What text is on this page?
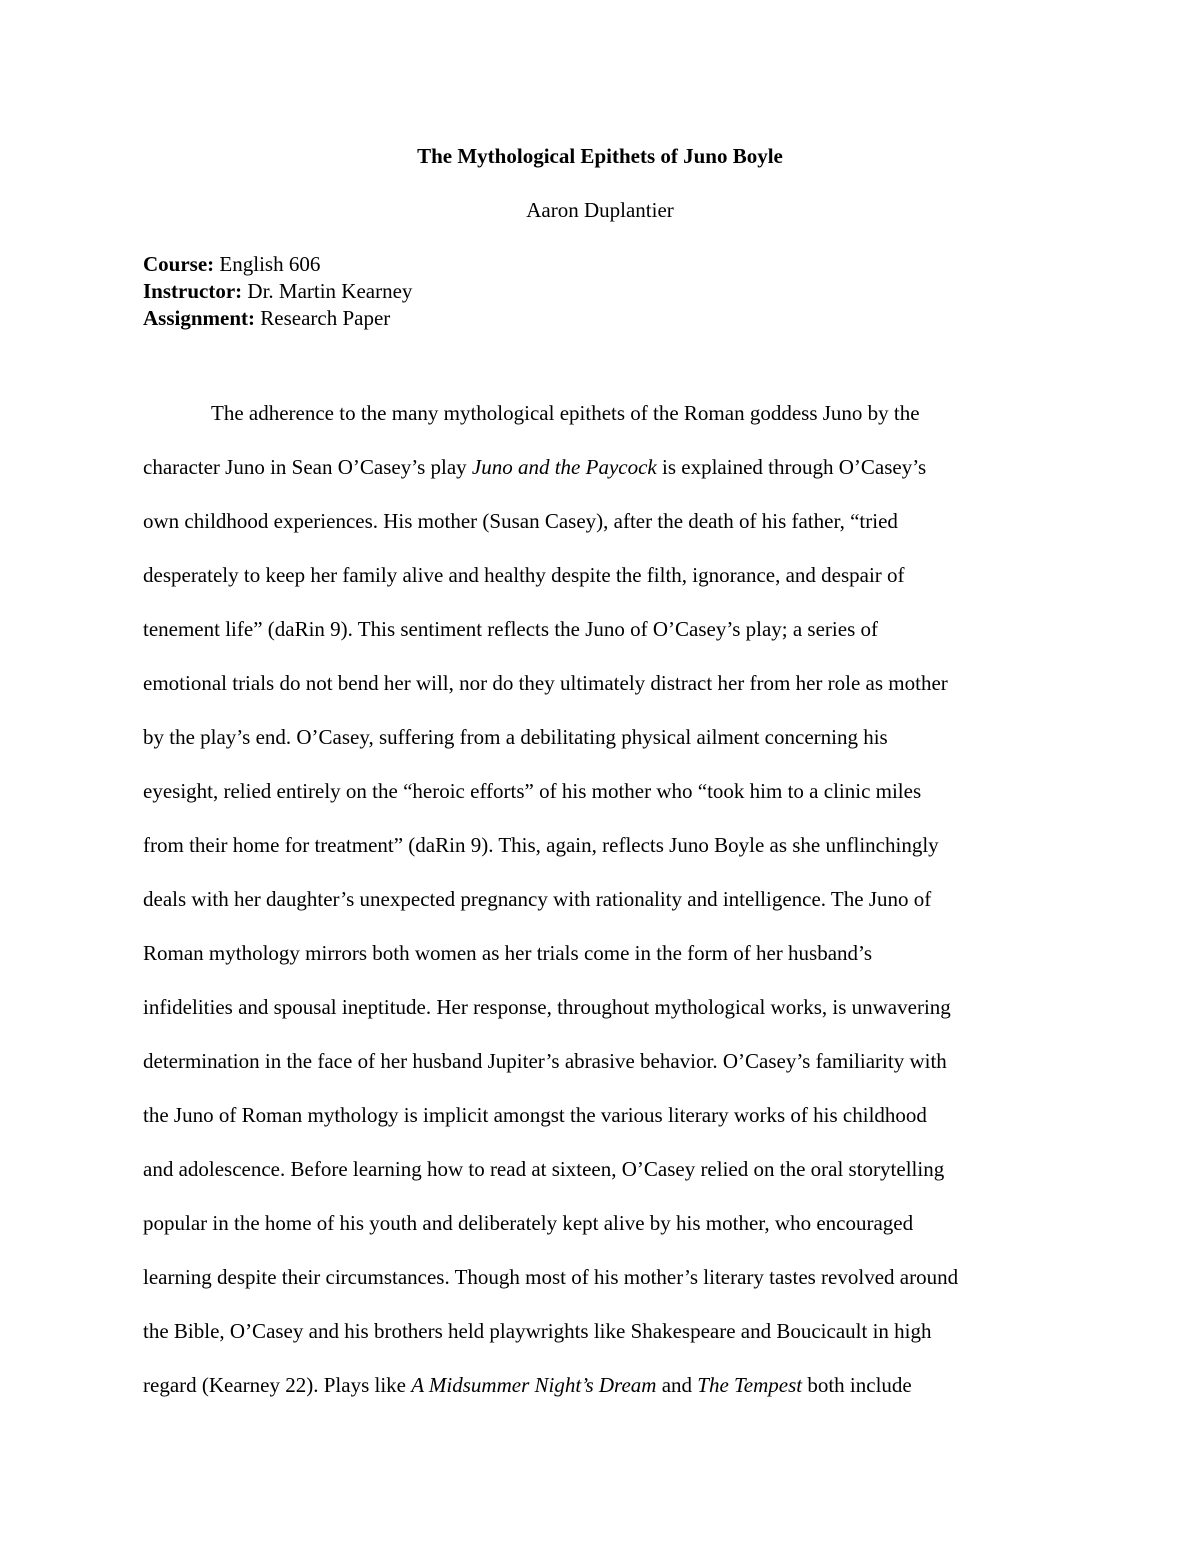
The Mythological Epithets of Juno Boyle
Aaron Duplantier
Course: English 606
Instructor: Dr. Martin Kearney
Assignment: Research Paper
The adherence to the many mythological epithets of the Roman goddess Juno by the
character Juno in Sean O’Casey’s play Juno and the Paycock is explained through O’Casey’s
own childhood experiences. His mother (Susan Casey), after the death of his father, “tried
desperately to keep her family alive and healthy despite the filth, ignorance, and despair of
tenement life” (daRin 9). This sentiment reflects the Juno of O’Casey’s play; a series of
emotional trials do not bend her will, nor do they ultimately distract her from her role as mother
by the play’s end. O’Casey, suffering from a debilitating physical ailment concerning his
eyesight, relied entirely on the “heroic efforts” of his mother who “took him to a clinic miles
from their home for treatment” (daRin 9). This, again, reflects Juno Boyle as she unflinchingly
deals with her daughter’s unexpected pregnancy with rationality and intelligence. The Juno of
Roman mythology mirrors both women as her trials come in the form of her husband’s
infidelities and spousal ineptitude. Her response, throughout mythological works, is unwavering
determination in the face of her husband Jupiter’s abrasive behavior. O’Casey’s familiarity with
the Juno of Roman mythology is implicit amongst the various literary works of his childhood
and adolescence. Before learning how to read at sixteen, O’Casey relied on the oral storytelling
popular in the home of his youth and deliberately kept alive by his mother, who encouraged
learning despite their circumstances. Though most of his mother’s literary tastes revolved around
the Bible, O’Casey and his brothers held playwrights like Shakespeare and Boucicault in high
regard (Kearney 22). Plays like A Midsummer Night’s Dream and The Tempest both include
